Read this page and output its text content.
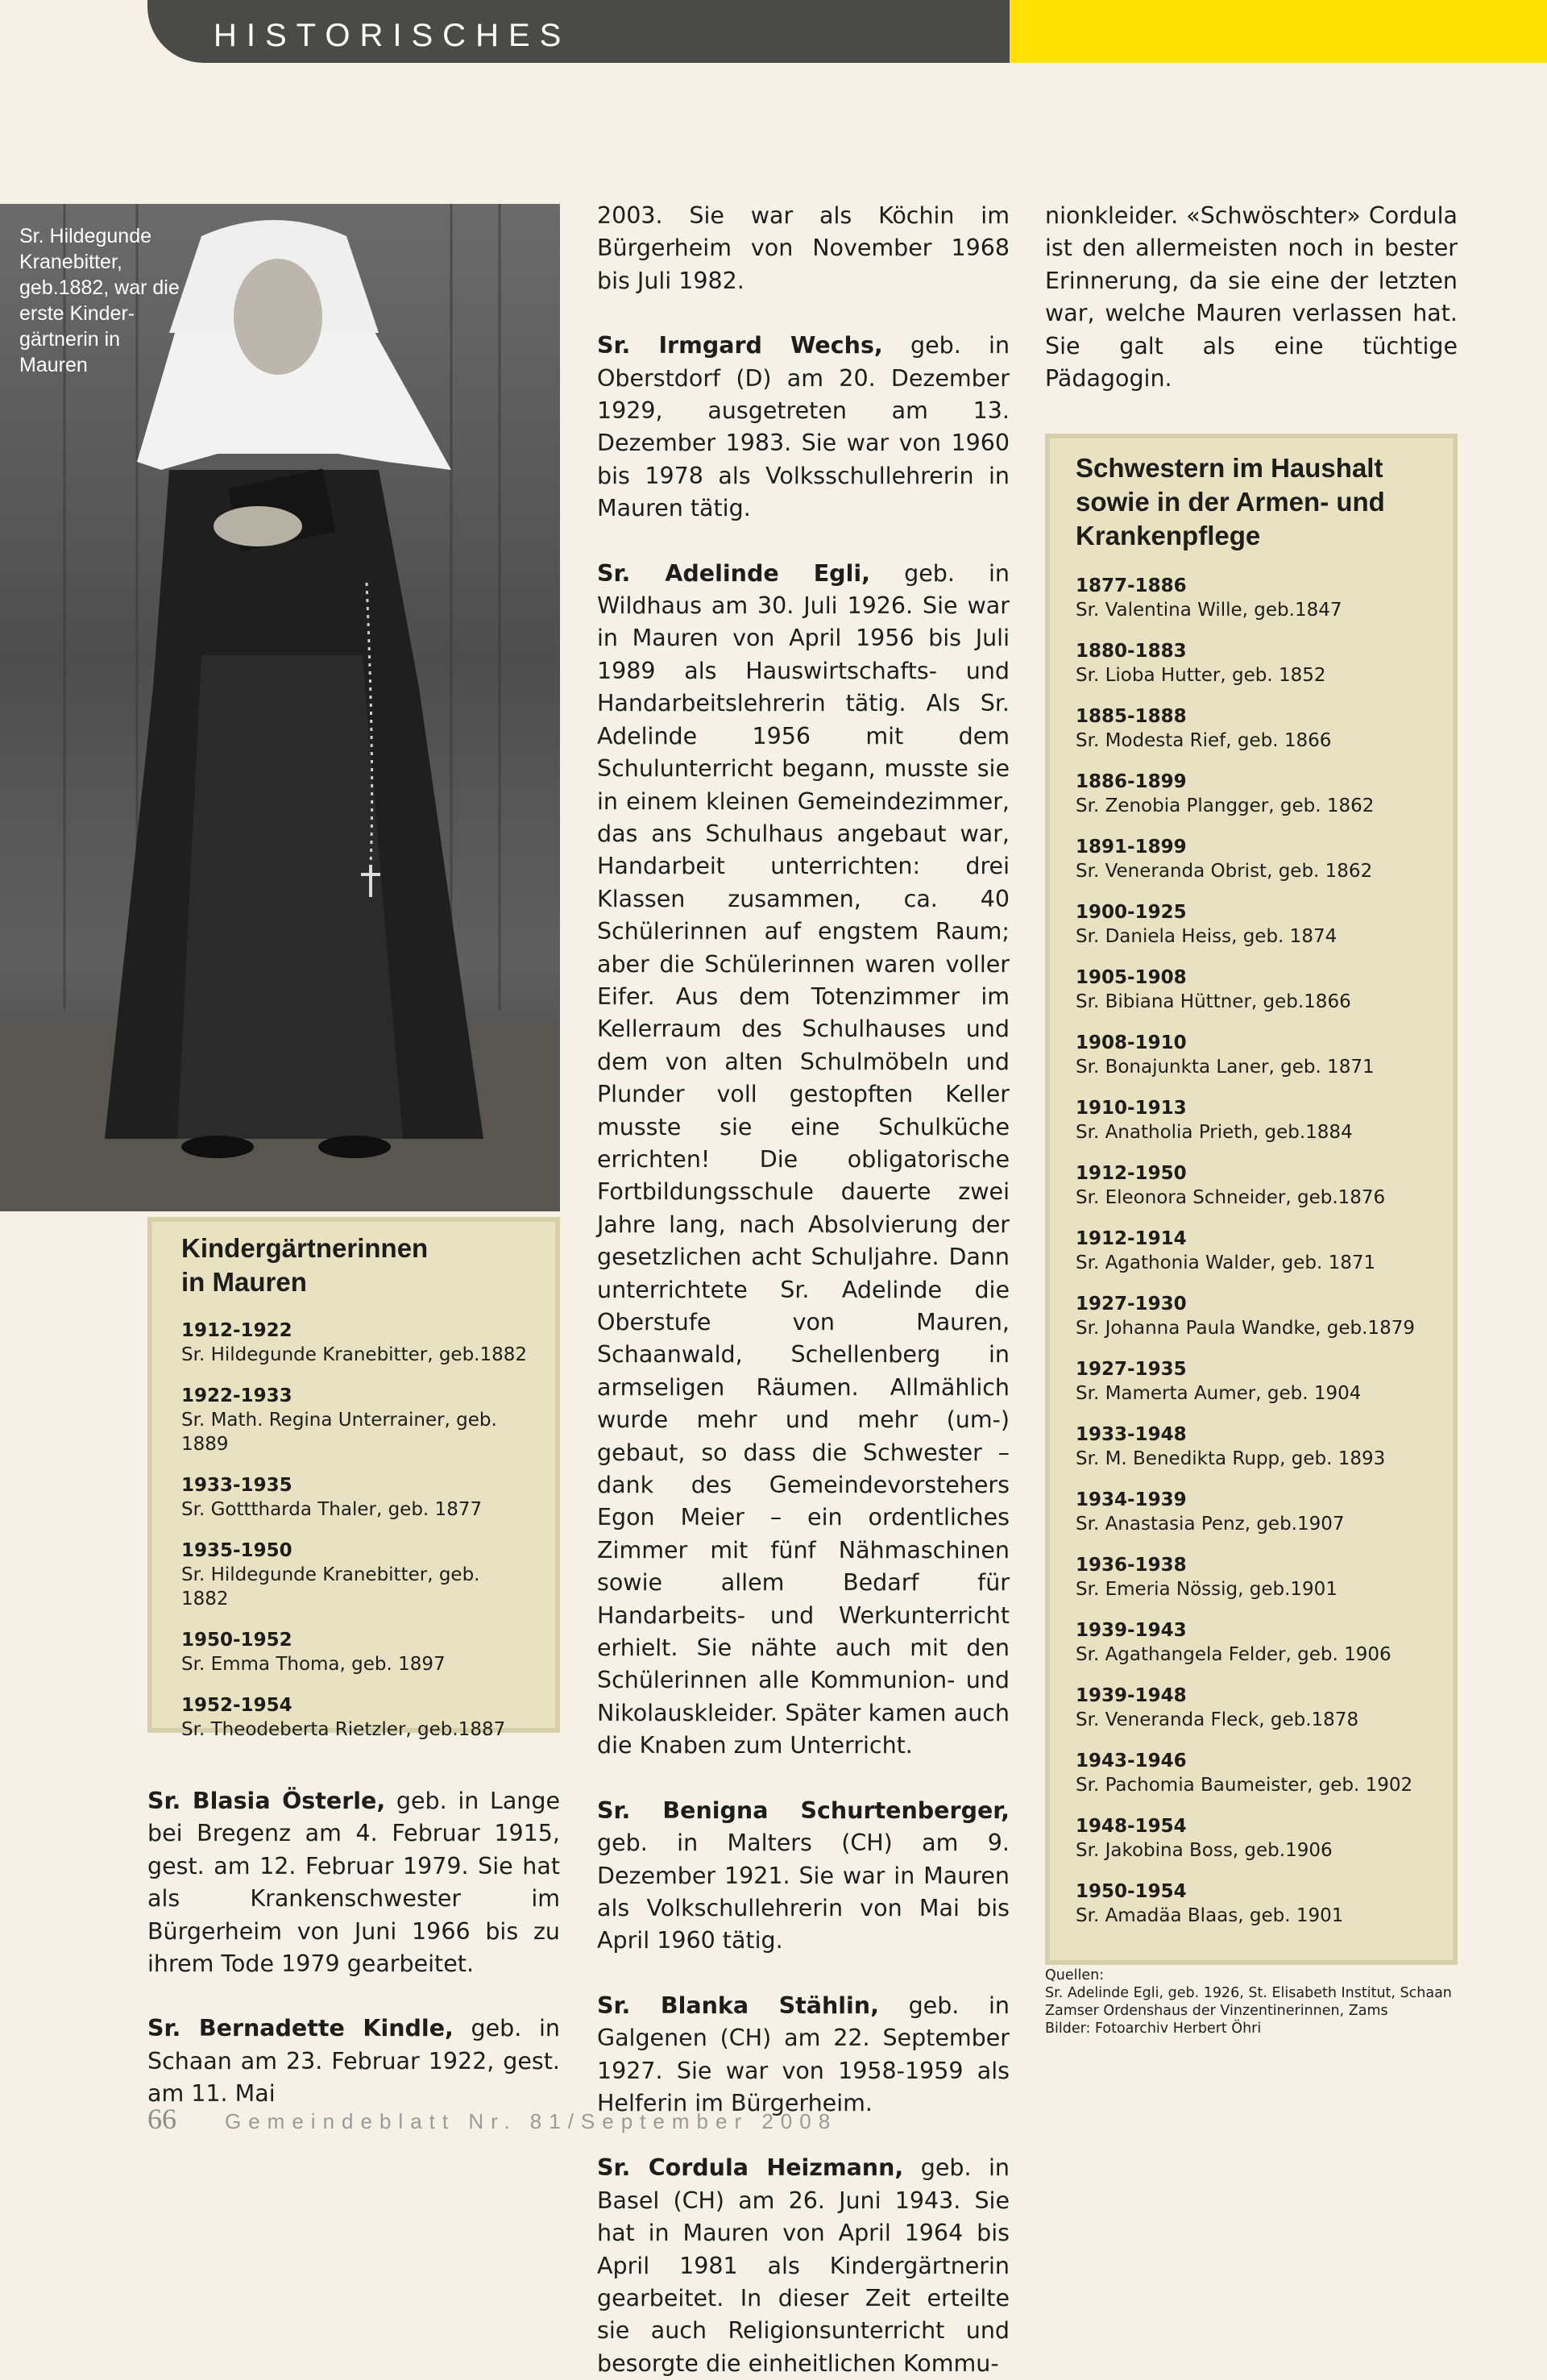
HISTORISCHES
Sr. Hildegunde Kranebitter, geb.1882, war die erste Kinder-gärtnerin in Mauren
Kindergärtnerinnen in Mauren
1912-1922
Sr. Hildegunde Kranebitter, geb.1882
1922-1933
Sr. Math. Regina Unterrainer, geb. 1889
1933-1935
Sr. Gotttharda Thaler, geb. 1877
1935-1950
Sr. Hildegunde Kranebitter, geb. 1882
1950-1952
Sr. Emma Thoma, geb. 1897
1952-1954
Sr. Theodeberta Rietzler, geb.1887

Sr. Blasia Österle, geb. in Lange bei Bregenz am 4. Februar 1915, gest. am 12. Februar 1979. Sie hat als Krankenschwester im Bürgerheim von Juni 1966 bis zu ihrem Tode 1979 gearbeitet.

Sr. Bernadette Kindle, geb. in Schaan am 23. Februar 1922, gest. am 11. Mai

2003. Sie war als Köchin im Bürgerheim von November 1968 bis Juli 1982.

Sr. Irmgard Wechs, geb. in Oberstdorf (D) am 20. Dezember 1929, ausgetreten am 13. Dezember 1983. Sie war von 1960 bis 1978 als Volksschullehrerin in Mauren tätig.

Sr. Adelinde Egli, geb. in Wildhaus am 30. Juli 1926. Sie war in Mauren von April 1956 bis Juli 1989 als Hauswirtschafts- und Handarbeitslehrerin tätig. Als Sr. Adelinde 1956 mit dem Schulunterricht begann, musste sie in einem kleinen Gemeindezimmer, das ans Schulhaus angebaut war, Handarbeit unterrichten: drei Klassen zusammen, ca. 40 Schülerinnen auf engstem Raum; aber die Schülerinnen waren voller Eifer. Aus dem Totenzimmer im Kellerraum des Schulhauses und dem von alten Schulmöbeln und Plunder voll gestopften Keller musste sie eine Schulküche errichten! Die obligatorische Fortbildungsschule dauerte zwei Jahre lang, nach Absolvierung der gesetzlichen acht Schuljahre. Dann unterrichtete Sr. Adelinde die Oberstufe von Mauren, Schaanwald, Schellenberg in armseligen Räumen. Allmählich wurde mehr und mehr (um-) gebaut, so dass die Schwester – dank des Gemeindevorstehers Egon Meier – ein ordentliches Zimmer mit fünf Nähmaschinen sowie allem Bedarf für Handarbeits- und Werkunterricht erhielt. Sie nähte auch mit den Schülerinnen alle Kommunion- und Nikolauskleider. Später kamen auch die Knaben zum Unterricht.

Sr. Benigna Schurtenberger, geb. in Malters (CH) am 9. Dezember 1921. Sie war in Mauren als Volkschullehrerin von Mai bis April 1960 tätig.

Sr. Blanka Stählin, geb. in Galgenen (CH) am 22. September 1927. Sie war von 1958-1959 als Helferin im Bürgerheim.

Sr. Cordula Heizmann, geb. in Basel (CH) am 26. Juni 1943. Sie hat in Mauren von April 1964 bis April 1981 als Kindergärtnerin gearbeitet. In dieser Zeit erteilte sie auch Religionsunterricht und besorgte die einheitlichen Kommu-

nionkleider. «Schwöschter» Cordula ist den allermeisten noch in bester Erinnerung, da sie eine der letzten war, welche Mauren verlassen hat. Sie galt als eine tüchtige Pädagogin.

Schwestern im Haushalt sowie in der Armen- und Krankenpflege
1877-1886
Sr. Valentina Wille, geb.1847
1880-1883
Sr. Lioba Hutter, geb. 1852
1885-1888
Sr. Modesta Rief, geb. 1866
1886-1899
Sr. Zenobia Plangger, geb. 1862
1891-1899
Sr. Veneranda Obrist, geb. 1862
1900-1925
Sr. Daniela Heiss, geb. 1874
1905-1908
Sr. Bibiana Hüttner, geb.1866
1908-1910
Sr. Bonajunkta Laner, geb. 1871
1910-1913
Sr. Anatholia Prieth, geb.1884
1912-1950
Sr. Eleonora Schneider, geb.1876
1912-1914
Sr. Agathonia Walder, geb. 1871
1927-1930
Sr. Johanna Paula Wandke, geb.1879
1927-1935
Sr. Mamerta Aumer, geb. 1904
1933-1948
Sr. M. Benedikta Rupp, geb. 1893
1934-1939
Sr. Anastasia Penz, geb.1907
1936-1938
Sr. Emeria Nössig, geb.1901
1939-1943
Sr. Agathangela Felder, geb. 1906
1939-1948
Sr. Veneranda Fleck, geb.1878
1943-1946
Sr. Pachomia Baumeister, geb. 1902
1948-1954
Sr. Jakobina Boss, geb.1906
1950-1954
Sr. Amadäa Blaas, geb. 1901
Quellen:
Sr. Adelinde Egli, geb. 1926, St. Elisabeth Institut, Schaan
Zamser Ordenshaus der Vinzentinerinnen, Zams
Bilder: Fotoarchiv Herbert Öhri
66 Gemeindeblatt Nr. 81/September 2008
